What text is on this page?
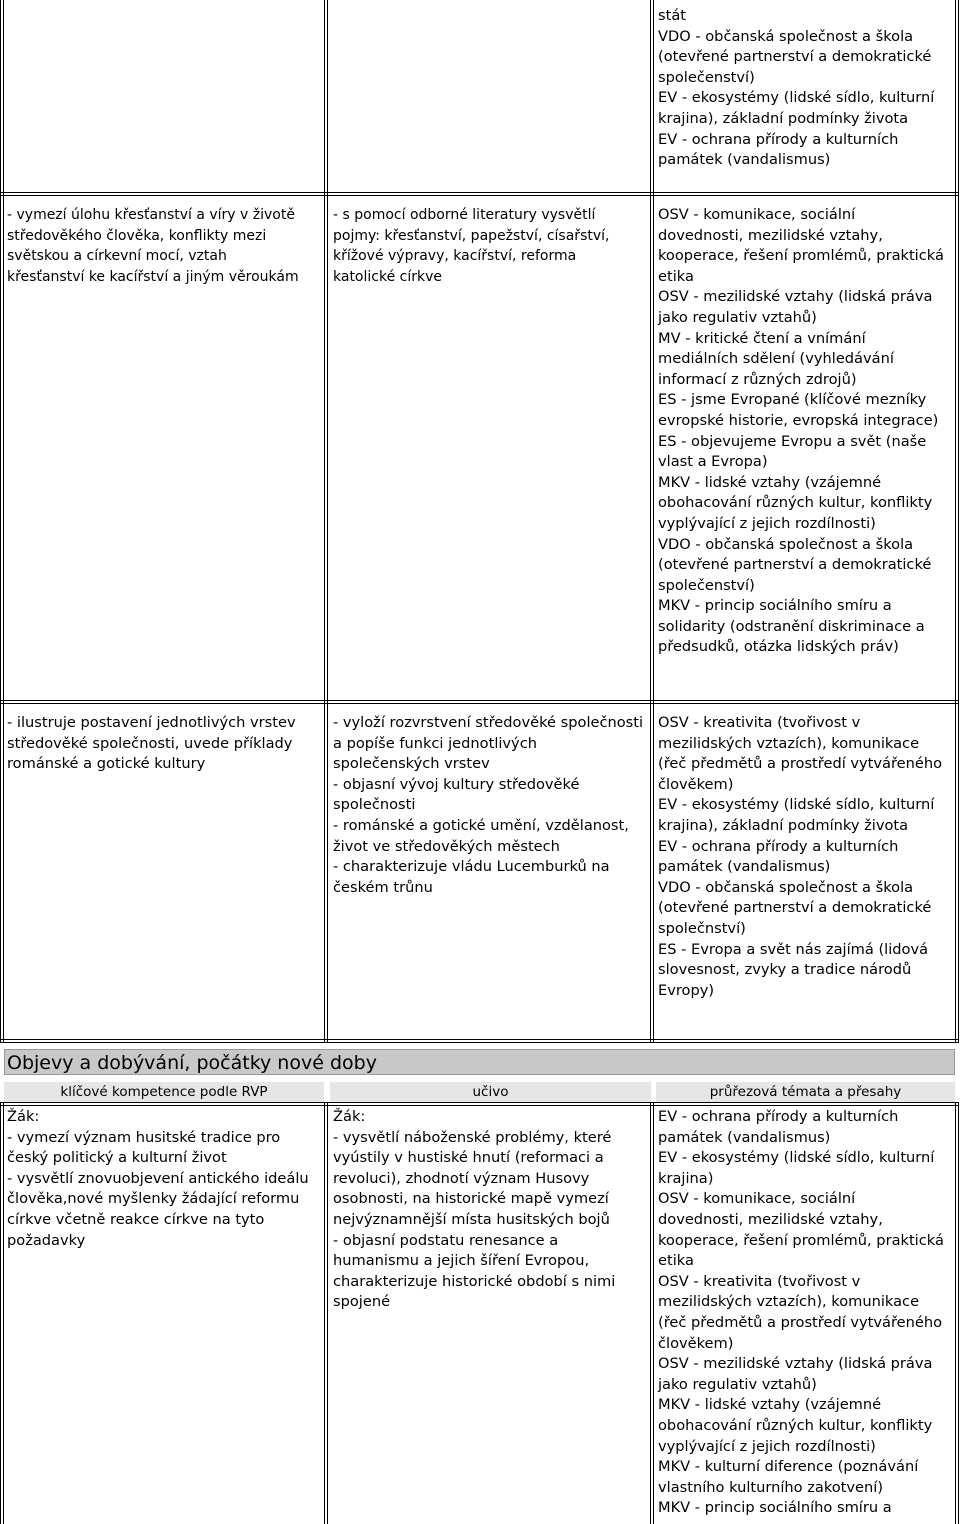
stát
VDO - občanská společnost a škola
(otevřené partnerství a demokratické
společenství)
EV - ekosystémy (lidské sídlo, kulturní
krajina), základní podmínky života
EV - ochrana přírody a kulturních
památek (vandalismus)
- vymezí úlohu křesťanství a víry v životě
středověkého člověka, konflikty mezi
světskou a církevní mocí, vztah
křesťanství ke kacířství a jiným věroukám
- s pomocí odborné literatury vysvětlí
pojmy: křesťanství, papežství, císařství,
křížové výpravy, kacířství, reforma
katolické církve
OSV - komunikace, sociální
dovednosti, mezilidské vztahy,
kooperace, řešení promlémů, praktická
etika
OSV - mezilidské vztahy (lidská práva
jako regulativ vztahů)
MV - kritické čtení a vnímání
mediálních sdělení (vyhledávání
informací z různých zdrojů)
ES - jsme Evropané (klíčové mezníky
evropské historie, evropská integrace)
ES - objevujeme Evropu a svět (naše
vlast a Evropa)
MKV - lidské vztahy (vzájemné
obohacování různých kultur, konflikty
vyplývající z jejich rozdílnosti)
VDO - občanská společnost a škola
(otevřené partnerství a demokratické
společenství)
MKV - princip sociálního smíru a
solidarity (odstranění diskriminace a
předsudků, otázka lidských práv)
- ilustruje postavení jednotlivých vrstev
středověké společnosti, uvede příklady
románské a gotické kultury
- vyloží rozvrstvení středověké společnosti
a popíše funkci jednotlivých
společenských vrstev
- objasní vývoj kultury středověké
společnosti
- románské a gotické umění, vzdělanost,
život ve středověkých městech
- charakterizuje vládu Lucemburků na
českém trůnu
OSV - kreativita (tvořivost v
mezilidských vztazích), komunikace
(řeč předmětů a prostředí vytvářeného
člověkem)
EV - ekosystémy (lidské sídlo, kulturní
krajina), základní podmínky života
EV - ochrana přírody a kulturních
památek (vandalismus)
VDO - občanská společnost a škola
(otevřené partnerství a demokratické
společnství)
ES - Evropa a svět nás zajímá (lidová
slovesnost, zvyky a tradice národů
Evropy)
Objevy a dobývání, počátky nové doby
klíčové kompetence podle RVP	učivo	průřezová témata a přesahy
Žák:
- vymezí význam husitské tradice pro
český politický a kulturní život
- vysvětlí znovuobjevení antického ideálu
člověka,nové myšlenky žádající reformu
církve včetně reakce církve na tyto
požadavky
Žák:
- vysvětlí náboženské problémy, které
vyústily v hustiské hnutí (reformaci a
revoluci), zhodnotí význam Husovy
osobnosti, na historické mapě vymezí
nejvýznamnější místa husitských bojů
- objasní podstatu renesance a
humanismu a jejich šíření Evropou,
charakterizuje historické období s nimi
spojené
EV - ochrana přírody a kulturních
památek (vandalismus)
EV - ekosystémy (lidské sídlo, kulturní
krajina)
OSV - komunikace, sociální
dovednosti, mezilidské vztahy,
kooperace, řešení promlémů, praktická
etika
OSV - kreativita (tvořivost v
mezilidských vztazích), komunikace
(řeč předmětů a prostředí vytvářeného
člověkem)
OSV - mezilidské vztahy (lidská práva
jako regulativ vztahů)
MKV - lidské vztahy (vzájemné
obohacování různých kultur, konflikty
vyplývající z jejich rozdílnosti)
MKV - kulturní diference (poznávání
vlastního kulturního zakotvení)
MKV - princip sociálního smíru a
